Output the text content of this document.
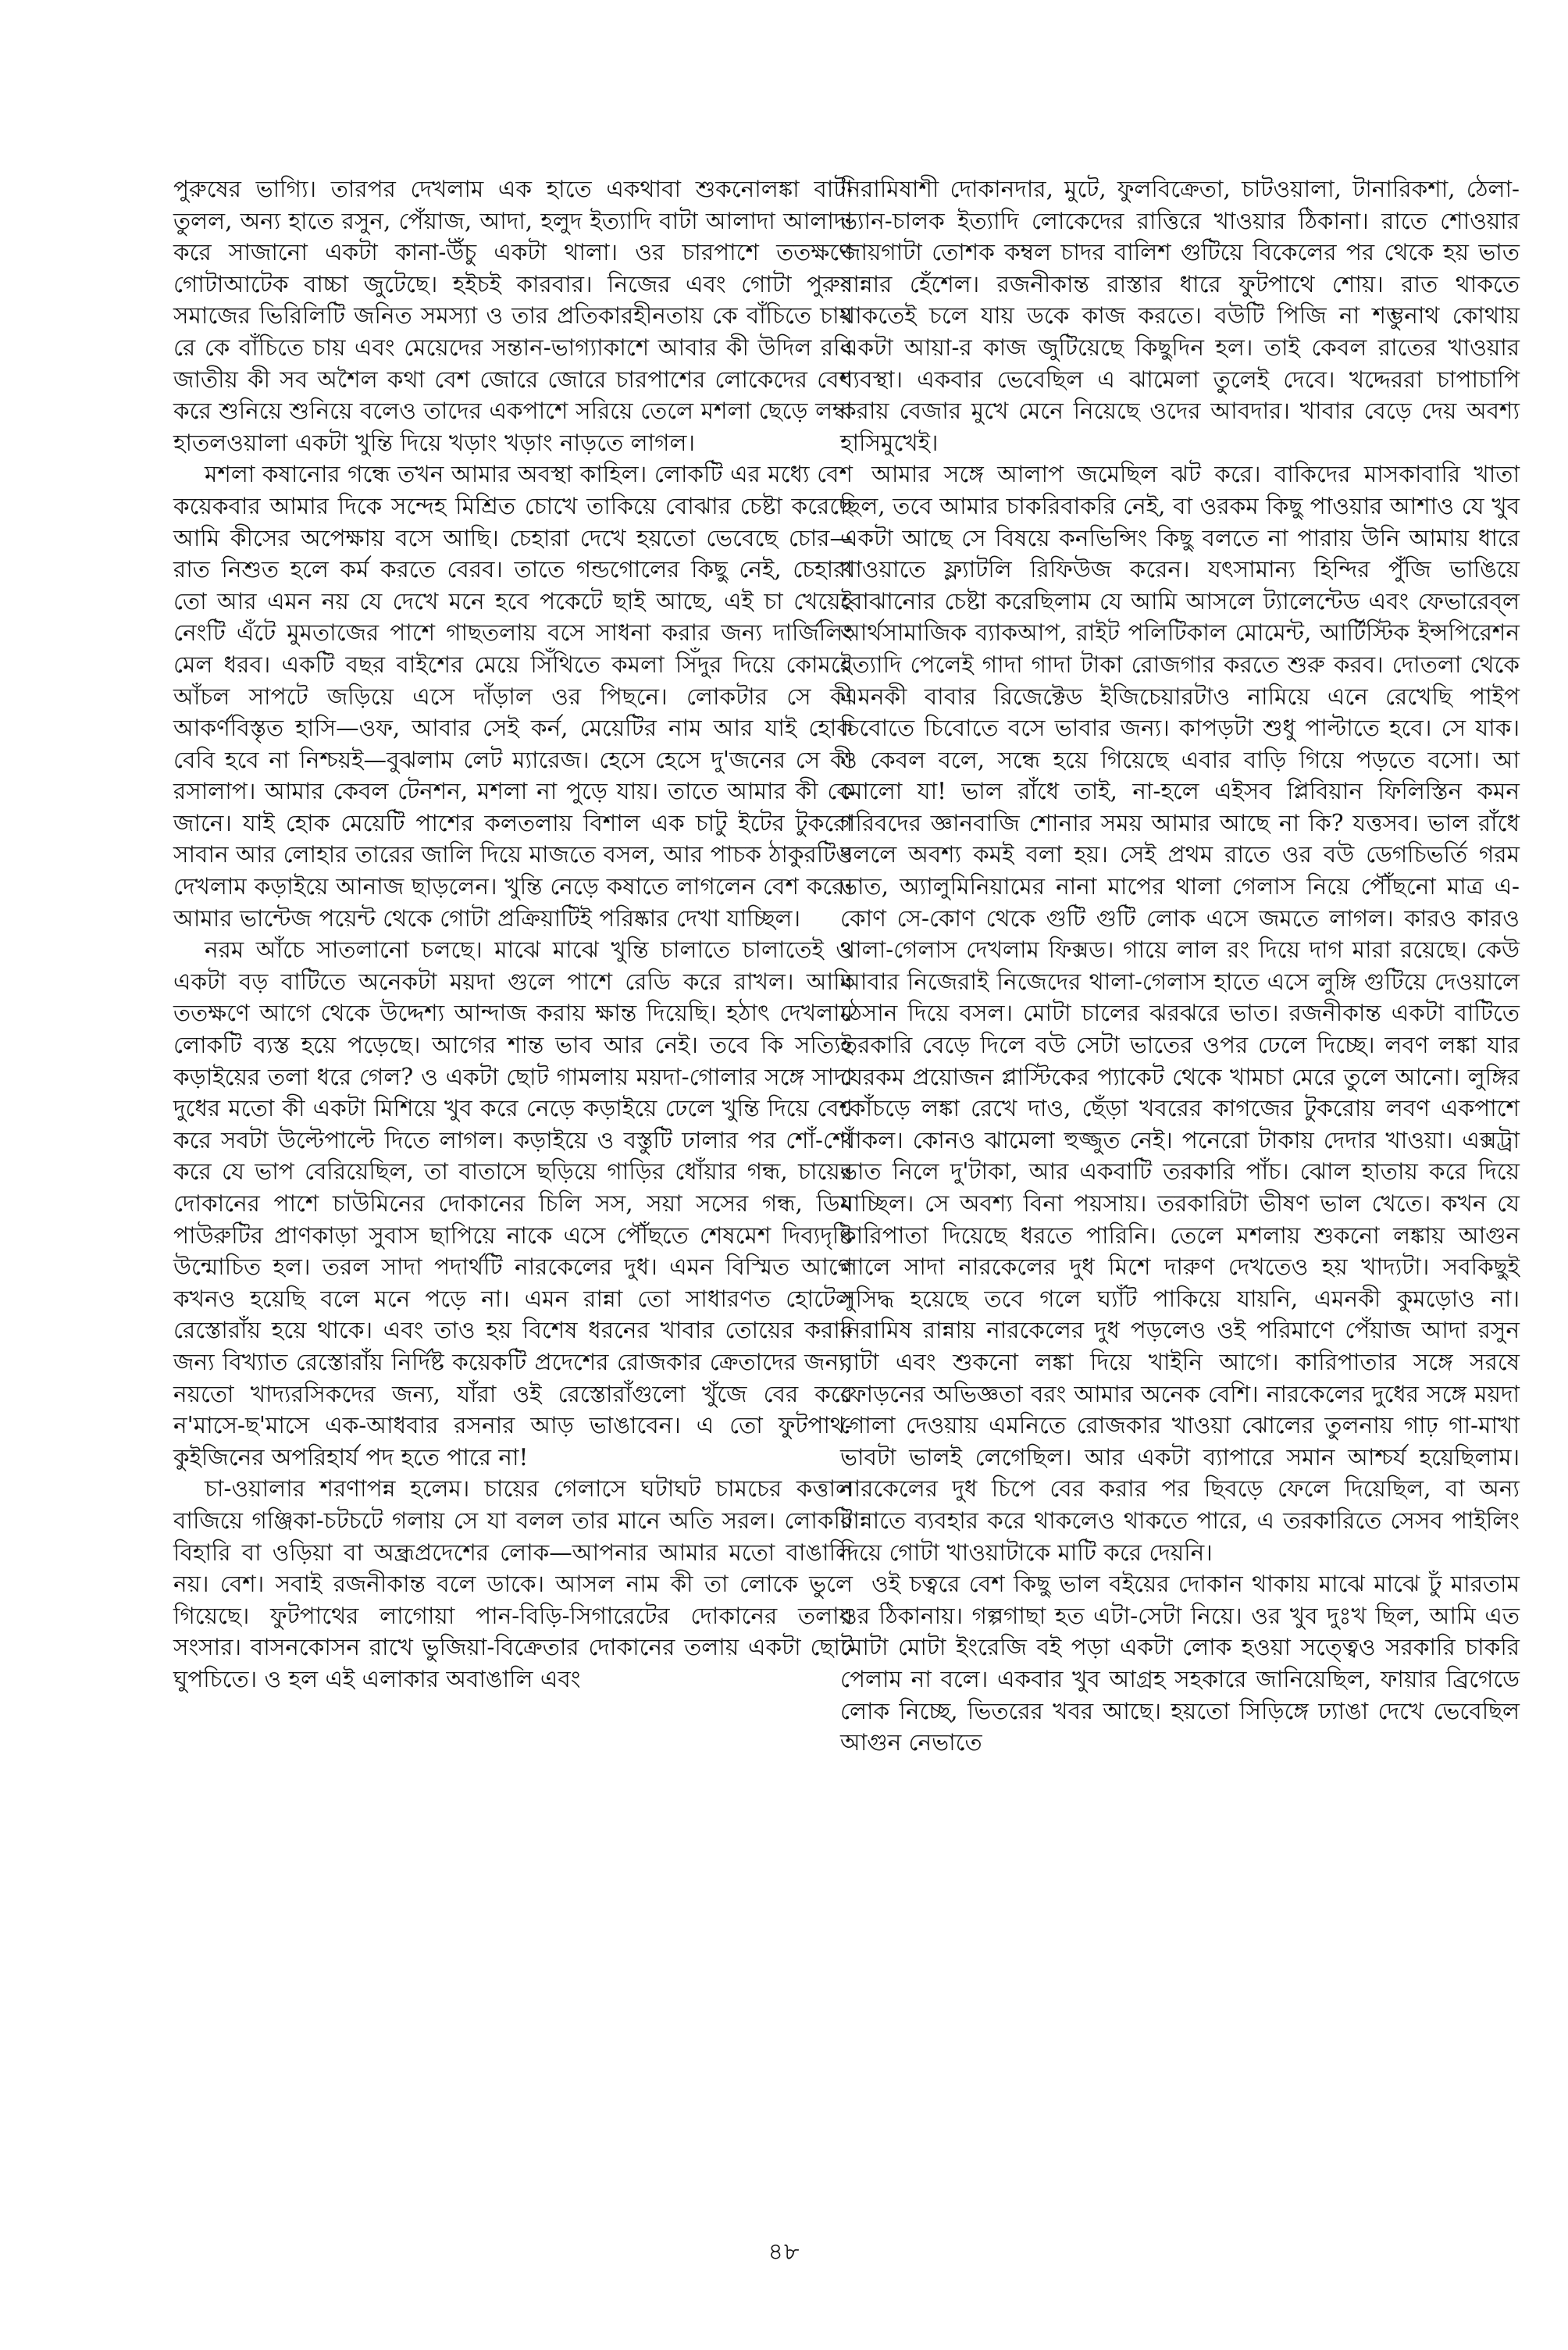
পুরুষের ভাগ্যি। তারপর দেখলাম এক হাতে একথাবা শুকনোলঙ্কা বাটা তুলল, অন্য হাতে রসুন, পেঁয়াজ, আদা, হলুদ ইত্যাদি বাটা আলাদা আলাদা করে সাজানো একটা কানা-উঁচু একটা থালা। ওর চারপাশে ততক্ষণে গোটাআটেক বাচ্চা জুটেছে। হইচই কারবার। নিজের এবং গোটা পুরুষ সমাজের ভিরিলিটি জনিত সমস্যা ও তার প্রতিকারহীনতায় কে বাঁচিতে চায় রে কে বাঁচিতে চায় এবং মেয়েদের সন্তান-ভাগ্যাকাশে আবার কী উদিল রবি জাতীয় কী সব অশৈল কথা বেশ জোরে জোরে চারপাশের লোকেদের বেশ করে শুনিয়ে শুনিয়ে বলেও তাদের একপাশে সরিয়ে তেলে মশলা ছেড়ে লম্বা হাতলওয়ালা একটা খুন্তি দিয়ে খড়াং খড়াং নাড়তে লাগল।

মশলা কষানোর গন্ধে তখন আমার অবস্থা কাহিল। লোকটি এর মধ্যে বেশ কয়েকবার আমার দিকে সন্দেহ মিশ্রিত চোখে তাকিয়ে বোঝার চেষ্টা করেছে আমি কীসের অপেক্ষায় বসে আছি। চেহারা দেখে হয়তো ভেবেছে চোর—রাত নিশুত হলে কর্ম করতে বেরব। তাতে গন্ডগোলের কিছু নেই, চেহারা তো আর এমন নয় যে দেখে মনে হবে পকেটে ছাই আছে, এই চা খেয়েই নেংটি এঁটে মুমতাজের পাশে গাছতলায় বসে সাধনা করার জন্য দার্জিলিং মেল ধরব। একটি বছর বাইশের মেয়ে সিঁথিতে কমলা সিঁদুর দিয়ে কোমরে আঁচল সাপটে জড়িয়ে এসে দাঁড়াল ওর পিছনে। লোকটার সে কী আকর্ণবিস্তৃত হাসি—ওফ, আবার সেই কর্ন, মেয়েটির নাম আর যাই হোক বেবি হবে না নিশ্চয়ই—বুঝলাম লেট ম্যারেজ। হেসে হেসে দু'জনের সে কী রসালাপ। আমার কেবল টেনশন, মশলা না পুড়ে যায়। তাতে আমার কী কে জানে। যাই হোক মেয়েটি পাশের কলতলায় বিশাল এক চাটু ইটের টুকরো সাবান আর লোহার তারের জালি দিয়ে মাজতে বসল, আর পাচক ঠাকুরটিও দেখলাম কড়াইয়ে আনাজ ছাড়লেন। খুন্তি নেড়ে কষাতে লাগলেন বেশ করে। আমার ভান্টেজ পয়েন্ট থেকে গোটা প্রক্রিয়াটিই পরিষ্কার দেখা যাচ্ছিল।

নরম আঁচে সাতলানো চলছে। মাঝে মাঝে খুন্তি চালাতে চালাতেই ও একটা বড় বাটিতে অনেকটা ময়দা গুলে পাশে রেডি করে রাখল। আমি ততক্ষণে আগে থেকে উদ্দেশ্য আন্দাজ করায় ক্ষান্ত দিয়েছি। হঠাৎ দেখলাম লোকটি ব্যস্ত হয়ে পড়েছে। আগের শান্ত ভাব আর নেই। তবে কি সত্যিই কড়াইয়ের তলা ধরে গেল? ও একটা ছোট গামলায় ময়দা-গোলার সঙ্গে সাদা দুধের মতো কী একটা মিশিয়ে খুব করে নেড়ে কড়াইয়ে ঢেলে খুন্তি দিয়ে বেশ করে সবটা উল্টেপাল্টে দিতে লাগল। কড়াইয়ে ও বস্তুটি ঢালার পর শোঁ-শোঁ করে যে ভাপ বেরিয়েছিল, তা বাতাসে ছড়িয়ে গাড়ির ধোঁয়ার গন্ধ, চায়ের দোকানের পাশে চাউমিনের দোকানের চিলি সস, সয়া সসের গন্ধ, ডিম পাউরুটির প্রাণকাড়া সুবাস ছাপিয়ে নাকে এসে পৌঁছতে শেষমেশ দিব্যদৃষ্টি উন্মোচিত হল। তরল সাদা পদার্থটি নারকেলের দুধ। এমন বিস্মিত আগে কখনও হয়েছি বলে মনে পড়ে না। এমন রান্না তো সাধারণত হোটেল রেস্তোরাঁয় হয়ে থাকে। এবং তাও হয় বিশেষ ধরনের খাবার তোয়ের করার জন্য বিখ্যাত রেস্তোরাঁয় নির্দিষ্ট কয়েকটি প্রদেশের রোজকার ক্রেতাদের জন্য, নয়তো খাদ্যরসিকদের জন্য, যাঁরা ওই রেস্তোরাঁগুলো খুঁজে বের করে ন'মাসে-ছ'মাসে এক-আধবার রসনার আড় ভাঙাবেন। এ তো ফুটপাথ-কুইজিনের অপরিহার্য পদ হতে পারে না!

চা-ওয়ালার শরণাপন্ন হলেম। চায়ের গেলাসে ঘটাঘট চামচের কত্তাল বাজিয়ে গঞ্জিকা-চটচটে গলায় সে যা বলল তার মানে অতি সরল। লোকটি বিহারি বা ওড়িয়া বা অন্ধ্রপ্রদেশের লোক—আপনার আমার মতো বাঙালি নয়। বেশ। সবাই রজনীকান্ত বলে ডাকে। আসল নাম কী তা লোকে ভুলে গিয়েছে। ফুটপাথের লাগোয়া পান-বিড়ি-সিগারেটের দোকানের তলায় সংসার। বাসনকোসন রাখে ভুজিয়া-বিক্রেতার দোকানের তলায় একটা ছোট ঘুপচিতে। ও হল এই এলাকার অবাঙালি এবং

নিরামিষাশী দোকানদার, মুটে, ফুলবিক্রেতা, চাটওয়ালা, টানারিকশা, ঠেলা-ভ্যান-চালক ইত্যাদি লোকেদের রাত্তিরে খাওয়ার ঠিকানা। রাতে শোওয়ার জায়গাটা তোশক কম্বল চাদর বালিশ গুটিয়ে বিকেলের পর থেকে হয় ভাত রান্নার হেঁশেল। রজনীকান্ত রাস্তার ধারে ফুটপাথে শোয়। রাত থাকতে থাকতেই চলে যায় ডকে কাজ করতে। বউটি পিজি না শম্ভুনাথ কোথায় একটা আয়া-র কাজ জুটিয়েছে কিছুদিন হল। তাই কেবল রাতের খাওয়ার ব্যবস্থা। একবার ভেবেছিল এ ঝামেলা তুলেই দেবে। খদ্দেররা চাপাচাপি করায় বেজার মুখে মেনে নিয়েছে ওদের আবদার। খাবার বেড়ে দেয় অবশ্য হাসিমুখেই।

আমার সঙ্গে আলাপ জমেছিল ঝট করে। বাকিদের মাসকাবারি খাতা ছিল, তবে আমার চাকরিবাকরি নেই, বা ওরকম কিছু পাওয়ার আশাও যে খুব একটা আছে সে বিষয়ে কনভিন্সিং কিছু বলতে না পারায় উনি আমায় ধারে খাওয়াতে ফ্ল্যাটলি রিফিউজ করেন। যৎসামান্য হিন্দির পুঁজি ভাঙিয়ে বোঝানোর চেষ্টা করেছিলাম যে আমি আসলে ট্যালেন্টেড এবং ফেভারেব্‌ল আর্থসামাজিক ব্যাকআপ, রাইট পলিটিকাল মোমেন্ট, আর্টিস্টিক ইন্সপিরেশন ইত্যাদি পেলেই গাদা গাদা টাকা রোজগার করতে শুরু করব। দোতলা থেকে এমনকী বাবার রিজেক্টেড ইজিচেয়ারটাও নামিয়ে এনে রেখেছি পাইপ চিবোতে চিবোতে বসে ভাবার জন্য। কাপড়টা শুধু পাল্টাতে হবে। সে যাক। ও কেবল বলে, সন্ধে হয়ে গিয়েছে এবার বাড়ি গিয়ে পড়তে বসো। আ মোলো যা! ভাল রাঁধে তাই, না-হলে এইসব প্লিবিয়ান ফিলিস্তিন কমন গরিবদের জ্ঞানবাজি শোনার সময় আমার আছে না কি? যত্তসব। ভাল রাঁধে বললে অবশ্য কমই বলা হয়। সেই প্রথম রাতে ওর বউ ডেগচিভর্তি গরম ভাত, অ্যালুমিনিয়ামের নানা মাপের থালা গেলাস নিয়ে পৌঁছনো মাত্র এ-কোণ সে-কোণ থেকে গুটি গুটি লোক এসে জমতে লাগল। কারও কারও থালা-গেলাস দেখলাম ফিক্সড। গায়ে লাল রং দিয়ে দাগ মারা রয়েছে। কেউ আবার নিজেরাই নিজেদের থালা-গেলাস হাতে এসে লুঙ্গি গুটিয়ে দেওয়ালে ঠেসান দিয়ে বসল। মোটা চালের ঝরঝরে ভাত। রজনীকান্ত একটা বাটিতে তরকারি বেড়ে দিলে বউ সেটা ভাতের ওপর ঢেলে দিচ্ছে। লবণ লঙ্কা যার যেরকম প্রয়োজন প্লাস্টিকের প্যাকেট থেকে খামচা মেরে তুলে আনো। লুঙ্গির কোঁচড়ে লঙ্কা রেখে দাও, ছেঁড়া খবরের কাগজের টুকরোয় লবণ একপাশে থাকল। কোনও ঝামেলা হুজ্জুত নেই। পনেরো টাকায় দেদার খাওয়া। এক্সট্রা ভাত নিলে দু'টাকা, আর একবাটি তরকারি পাঁচ। ঝোল হাতায় করে দিয়ে যাচ্ছিল। সে অবশ্য বিনা পয়সায়। তরকারিটা ভীষণ ভাল খেতে। কখন যে কারিপাতা দিয়েছে ধরতে পারিনি। তেলে মশলায় শুকনো লঙ্কায় আগুন লালে সাদা নারকেলের দুধ মিশে দারুণ দেখতেও হয় খাদ্যটা। সবকিছুই সুসিদ্ধ হয়েছে তবে গলে ঘ্যাঁট পাকিয়ে যায়নি, এমনকী কুমড়োও না। নিরামিষ রান্নায় নারকেলের দুধ পড়লেও ওই পরিমাণে পেঁয়াজ আদা রসুন বাটা এবং শুকনো লঙ্কা দিয়ে খাইনি আগে। কারিপাতার সঙ্গে সরষে ফোড়নের অভিজ্ঞতা বরং আমার অনেক বেশি। নারকেলের দুধের সঙ্গে ময়দা গোলা দেওয়ায় এমনিতে রোজকার খাওয়া ঝোলের তুলনায় গাঢ় গা-মাখা ভাবটা ভালই লেগেছিল। আর একটা ব্যাপারে সমান আশ্চর্য হয়েছিলাম। নারকেলের দুধ চিপে বের করার পর ছিবড়ে ফেলে দিয়েছিল, বা অন্য রান্নাতে ব্যবহার করে থাকলেও থাকতে পারে, এ তরকারিতে সেসব পাইলিং দিয়ে গোটা খাওয়াটাকে মাটি করে দেয়নি।

ওই চত্বরে বেশ কিছু ভাল বইয়ের দোকান থাকায় মাঝে মাঝে ঢুঁ মারতাম ওর ঠিকানায়। গল্পগাছা হত এটা-সেটা নিয়ে। ওর খুব দুঃখ ছিল, আমি এত মোটা মোটা ইংরেজি বই পড়া একটা লোক হওয়া সত্ত্বেও সরকারি চাকরি পেলাম না বলে। একবার খুব আগ্রহ সহকারে জানিয়েছিল, ফায়ার ব্রিগেডে লোক নিচ্ছে, ভিতরের খবর আছে। হয়তো সিড়িঙ্গে ঢ্যাঙা দেখে ভেবেছিল আগুন নেভাতে

৪৮
